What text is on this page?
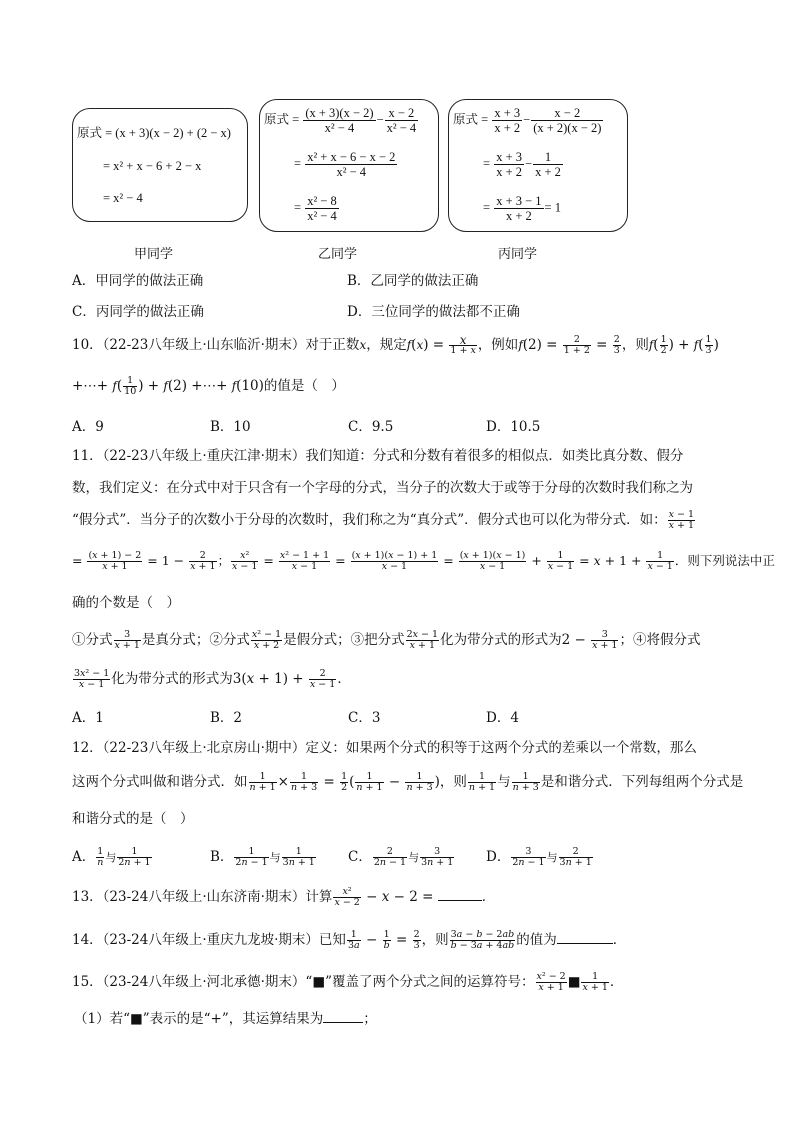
原式 = (x + 3)(x − 2) + (2 − x)
= x² + x − 6 + 2 − x
= x² − 4
甲同学
原式 = $\frac{(x + 3)(x - 2)}{\text{x² − 4}} - \frac{x - 2}{\text{x² − 4}}$
= $\frac{\text{x² + x − 6 − x − 2}}{\text{x² − 4}}$
= $\frac{\text{x² − 8}}{\text{x² − 4}}$
乙同学
原式 = $\frac{x + 3}{x + 2} - \frac{x - 2}{(x + 2)(x - 2)}$
= $\frac{x + 3}{x + 2} - \frac{1}{x + 2}$
= $\frac{x + 3 - 1}{x + 2} = 1$
丙同学
A．甲同学的做法正确	B．乙同学的做法正确
C．丙同学的做法正确	D．三位同学的做法都不正确
10．（22-23八年级上·山东临沂·期末）对于正数x，规定f(x) = x
1 + x ，例如$f(2) = \frac{2}{1 + 2} = \frac{2}{3}$ ，则$f( \frac{1}{2}$ ) + $f( \frac{1}{3}$ )
+⋯+ $f( \frac{1}{10}$ ) + f(2) +⋯+ f(10)的值是（　）
A．9	B．10	C．9.5	D．10.5
11．（22-23八年级上·重庆江津·期末）我们知道：分式和分数有着很多的相似点．如类比真分数、假分
数，我们定义：在分式中对于只含有一个字母的分式，当分子的次数大于或等于分母的次数时我们称之为
“假分式”．当分子的次数小于分母的次数时，我们称之为“真分式”．假分式也可以化为带分式．如： $\frac{x - 1}{x + 1}$
= $\frac{(x + 1) - 2}{x + 1} = 1 - \frac{2}{x + 1}$ ； $\frac{\text{x²}}{x - 1} = \frac{\text{x² − 1 + 1}}{x - 1} = \frac{(x + 1)(x - 1) + 1}{x - 1} = \frac{(x + 1)(x - 1)}{x - 1} + \frac{1}{x - 1} = x + 1 + \frac{1}{x - 1}$ ．则下列说法中正
确的个数是（　）
①分式 $\frac{3}{x + 1}$ 是真分式；②分式 $\frac{\text{x² − 1}}{x + 2}$ 是假分式；③把分式 $\frac{2x - 1}{x + 1}$ 化为带分式的形式为$2 - \frac{3}{x + 1}$ ；④将假分式
$\frac{\text{3x² − 1}}{x - 1}$ 化为带分式的形式为$3(x + 1) + \frac{2}{x - 1}$ ．
A．1	B．2	C．3	D．4
12．（22-23八年级上·北京房山·期中）定义：如果两个分式的积等于这两个分式的差乘以一个常数，那么
这两个分式叫做和谐分式．如 $\frac{1}{n + 1} \times \frac{1}{n + 3} = \frac{1}{2}$ ( $\frac{1}{n + 1} - \frac{1}{n + 3}$ )，则 $\frac{1}{n + 1}$ 与 $\frac{1}{n + 3}$ 是和谐分式．下列每组两个分式是
和谐分式的是（　）
A． $\frac{1}{n}$ 与 $\frac{1}{2n + 1}$	B． $\frac{1}{2n - 1}$ 与 $\frac{1}{3n + 1}$ C． $\frac{2}{2n - 1}$ 与 $\frac{3}{3n + 1}$ D． $\frac{3}{2n - 1}$ 与 $\frac{2}{3n + 1}$
13．（23-24八年级上·山东济南·期末）计算 $\frac{\text{x²}}{x - 2} - x - 2$ =	．
14．（23-24八年级上·重庆九龙坡·期末）已知 $\frac{1}{3a} - \frac{1}{b} = \frac{2}{3}$ ，则 $\frac{3a - b - 2ab}{b - 3a + 4ab}$ 的值为	．
15．（23-24八年级上·河北承德·期末）“■”覆盖了两个分式之间的运算符号： $\frac{\text{x² − 2}}{x + 1}$ ■ $\frac{1}{x + 1}$ ．
（1）若“■”表示的是“+”，其运算结果为	；
